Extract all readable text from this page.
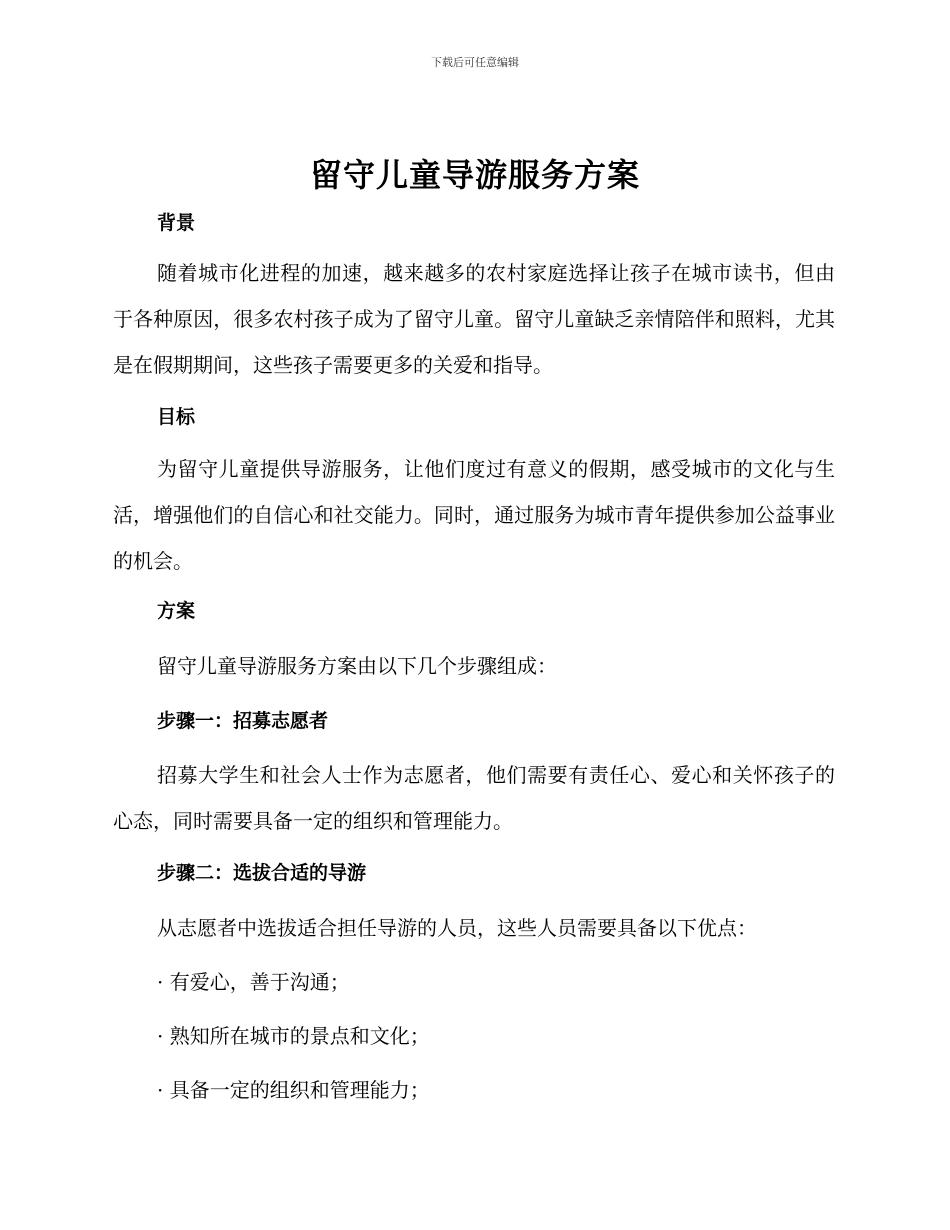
下载后可任意编辑
留守儿童导游服务方案
背景
随着城市化进程的加速，越来越多的农村家庭选择让孩子在城市读书，但由于各种原因，很多农村孩子成为了留守儿童。留守儿童缺乏亲情陪伴和照料，尤其是在假期期间，这些孩子需要更多的关爱和指导。
目标
为留守儿童提供导游服务，让他们度过有意义的假期，感受城市的文化与生活，增强他们的自信心和社交能力。同时，通过服务为城市青年提供参加公益事业的机会。
方案
留守儿童导游服务方案由以下几个步骤组成：
步骤一：招募志愿者
招募大学生和社会人士作为志愿者，他们需要有责任心、爱心和关怀孩子的心态，同时需要具备一定的组织和管理能力。
步骤二：选拔合适的导游
从志愿者中选拔适合担任导游的人员，这些人员需要具备以下优点：
· 有爱心，善于沟通；
· 熟知所在城市的景点和文化；
· 具备一定的组织和管理能力；
